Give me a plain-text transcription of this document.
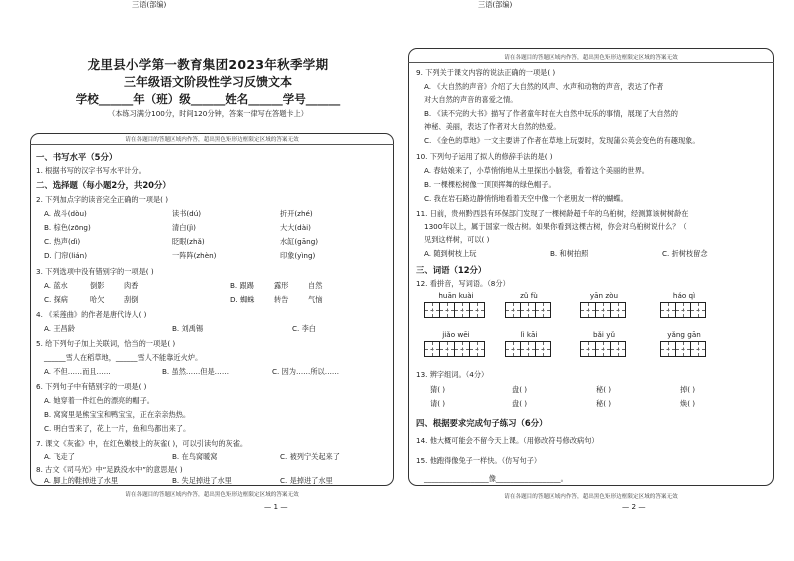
龙里县小学第一教育集团2023年秋季学期
三年级语文阶段性学习反馈文本
学校______年（班）级______姓名______学号______
（本练习满分100分，时间120分钟，答案一律写在答题卡上）
请在各题目的答题区域内作答，超出黑色矩形边框限定区域的答案无效
一、书写水平（5分）
1. 根据书写的汉字书写水平计分。
二、选择题（每小题2分，共20分）
2. 下列加点字的读音完全正确的一项是( )
A. 战斗(dòu)	读书(dú)	折开(zhé)
B. 棕色(zōng)	清白(jì)	大大(dài)
C. 热声(dì)	眨眼(zhǎ)	水缸(gāng)
D. 门帘(lián)	一阵阵(zhèn)	印象(yìng)
3. 下列选项中没有错别字的一项是( )
A. 蓝水	倒影	肉香	B. 跟踢	露形	自然
C. 探病	哈欠	刮倒	D. 蜘蛛	转告	气恼
4. 《采莲曲》的作者是唐代诗人( )
A. 王昌龄	B. 刘禹锡	C. 李白
5. 给下列句子加上关联词，恰当的一项是( )
______雪人在稻草地，______雪人不能靠近火炉。
A. 不但……而且……	B. 虽然……但是……	C. 因为……所以……
6. 下列句子中有错别字的一项是( )
A. 她穿着一件红色的漂亮的帽子。
B. 窝窝里是熊宝宝和鸭宝宝，正在亲亲热热。
C. 明白雪来了，花上一片，鱼和鸟都出来了。
7. 课文《灰雀》中，在红色嫩枝上的灰雀( )，可以引读句的灰雀。
A. 飞走了	B. 在鸟窝暖窝	C. 被列宁关起来了
8. 古文《司马光》中“足跌没水中”的意思是( )
A. 脚上的鞋掉进了水里	B. 失足掉进了水里	C. 是掉进了水里
请在各题目的答题区域内作答，超出黑色矩形边框限定区域的答案无效
三语(部编)
— 1 —
请在各题目的答题区域内作答，超出黑色矩形边框限定区域的答案无效
9. 下列关于课文内容的说法正确的一项是( )
A. 《大自然的声音》介绍了大自然的风声、水声和动物的声音，表达了作者
对大自然的声音的喜爱之情。
B. 《读不完的大书》描写了作者童年时在大自然中玩乐的事情，展现了大自然的
神秘、美丽，表达了作者对大自然的热爱。
C. 《金色的草地》一文主要讲了作者在草地上玩耍时，发现蒲公英会变色的有趣现象。
10. 下列句子运用了拟人的修辞手法的是( )
A. 春姑娘来了，小草悄悄地从土里探出小脑袋，看着这个美丽的世界。
B. 一棵棵松树像一顶顶挥舞的绿色帽子。
C. 我在岩石路边静悄悄地看着天空中像一个老朋友一样的蝴蝶。
11. 日前，贵州黔西县有环保部门发现了一棵树龄超千年的乌桕树，经测算该树树龄在
1300年以上，属于国家一级古树。如果你看到这棵古树，你会对乌桕树说什么？（
见到这样树，可以( )
A. 随到树枝上玩	B. 和树拍照	C. 折树枝留念
三、词语（12分）
12. 看拼音，写词语。（8分）
huān kuài	zǔ fù	yān zòu	háo qì
jiǎo wēi	lì kāi	bǎi yǔ	yǎng gān
13. 辨字组词。（4分）
猜( )	盘( )	秘( )	掉( )
请( )	盘( )	秘( )	焕( )
四、根据要求完成句子练习（6分）
14. 他大概可能会不留今天上课。（用修改符号修改病句）
15. 他跑得像兔子一样快。（仿写句子）
__________________像__________________。
请在各题目的答题区域内作答，超出黑色矩形边框限定区域的答案无效
三语(部编)
— 2 —
